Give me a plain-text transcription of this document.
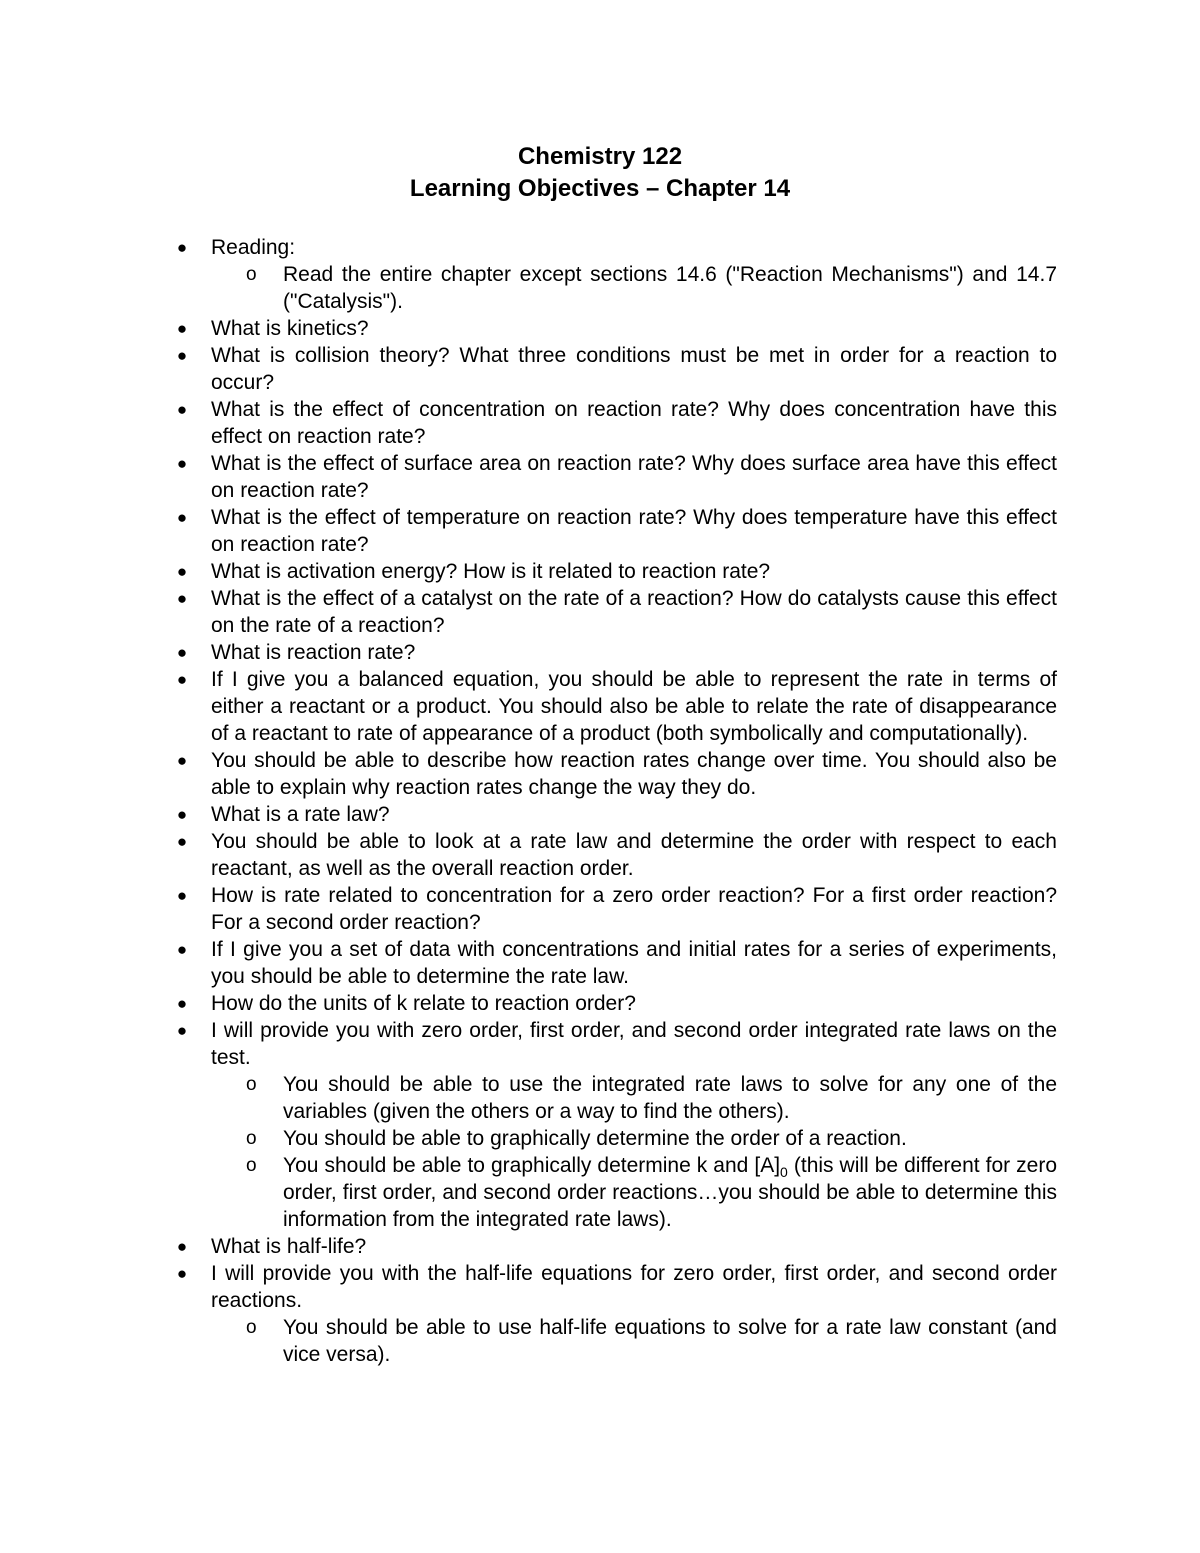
Chemistry 122

Learning Objectives – Chapter 14

● Reading:
o Read the entire chapter except sections 14.6 ("Reaction Mechanisms") and 14.7 ("Catalysis").
● What is kinetics?
● What is collision theory? What three conditions must be met in order for a reaction to occur?
● What is the effect of concentration on reaction rate? Why does concentration have this effect on reaction rate?
● What is the effect of surface area on reaction rate? Why does surface area have this effect on reaction rate?
● What is the effect of temperature on reaction rate? Why does temperature have this effect on reaction rate?
● What is activation energy? How is it related to reaction rate?
● What is the effect of a catalyst on the rate of a reaction? How do catalysts cause this effect on the rate of a reaction?
● What is reaction rate?
● If I give you a balanced equation, you should be able to represent the rate in terms of either a reactant or a product. You should also be able to relate the rate of disappearance of a reactant to rate of appearance of a product (both symbolically and computationally).
● You should be able to describe how reaction rates change over time. You should also be able to explain why reaction rates change the way they do.
● What is a rate law?
● You should be able to look at a rate law and determine the order with respect to each reactant, as well as the overall reaction order.
● How is rate related to concentration for a zero order reaction? For a first order reaction? For a second order reaction?
● If I give you a set of data with concentrations and initial rates for a series of experiments, you should be able to determine the rate law.
● How do the units of k relate to reaction order?
● I will provide you with zero order, first order, and second order integrated rate laws on the test.
o You should be able to use the integrated rate laws to solve for any one of the variables (given the others or a way to find the others).
o You should be able to graphically determine the order of a reaction.
o You should be able to graphically determine k and $[A]_0$ (this will be different for zero order, first order, and second order reactions…you should be able to determine this information from the integrated rate laws).
● What is half-life?
● I will provide you with the half-life equations for zero order, first order, and second order reactions.
o You should be able to use half-life equations to solve for a rate law constant (and vice versa).
